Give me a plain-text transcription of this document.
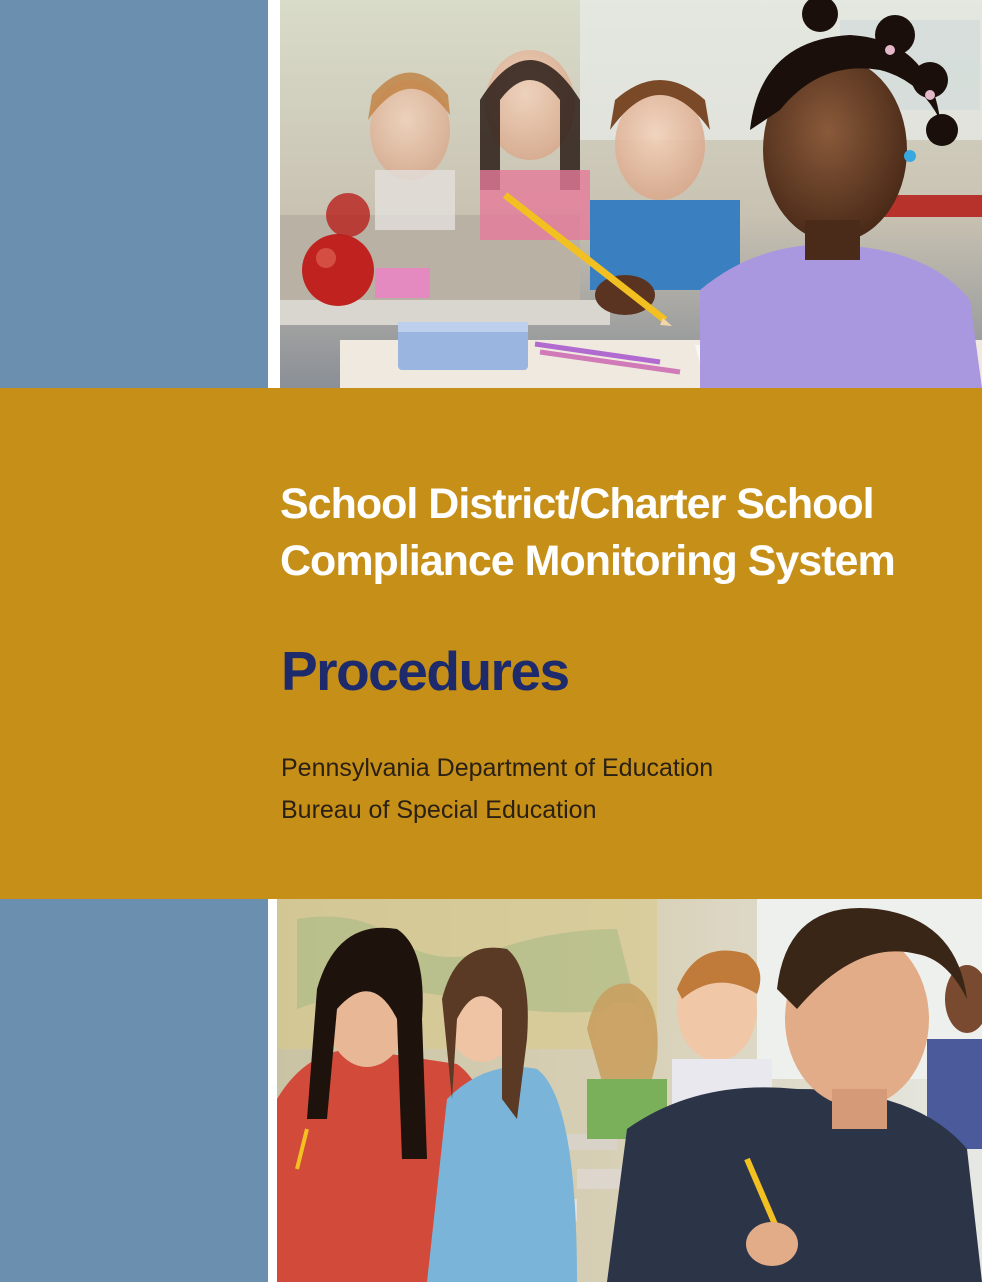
School District/Charter School
Compliance Monitoring System
Procedures
Pennsylvania Department of Education
Bureau of Special Education
